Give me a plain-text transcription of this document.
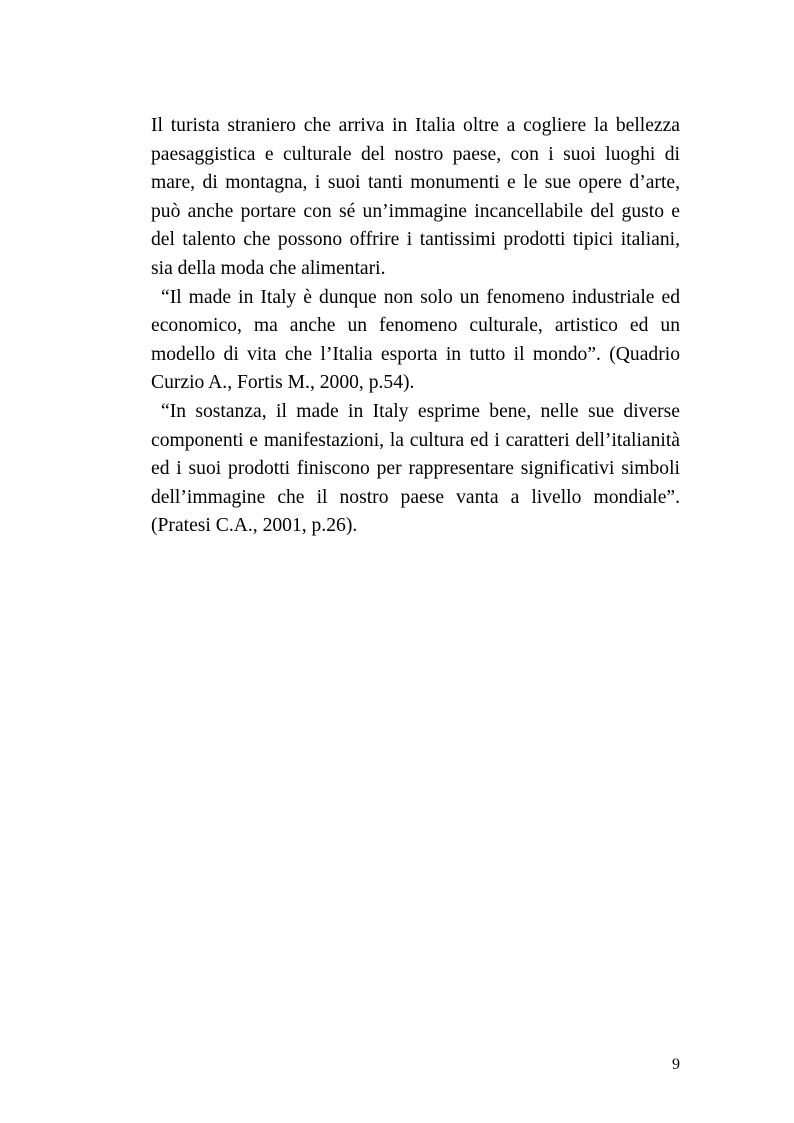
Il turista straniero che arriva in Italia oltre a cogliere la bellezza paesaggistica e culturale del nostro paese, con i suoi luoghi di mare, di montagna, i suoi tanti monumenti e le sue opere d’arte, può anche portare con sé un’immagine incancellabile del gusto e del talento che possono offrire i tantissimi prodotti tipici italiani, sia della moda che alimentari.

“Il made in Italy è dunque non solo un fenomeno industriale ed economico, ma anche un fenomeno culturale, artistico ed un modello di vita che l’Italia esporta in tutto il mondo”. (Quadrio Curzio A., Fortis M., 2000, p.54).

“In sostanza, il made in Italy esprime bene, nelle sue diverse componenti e manifestazioni, la cultura ed i caratteri dell’italianità ed i suoi prodotti finiscono per rappresentare significativi simboli dell’immagine che il nostro paese vanta a livello mondiale”. (Pratesi C.A., 2001, p.26).

9
